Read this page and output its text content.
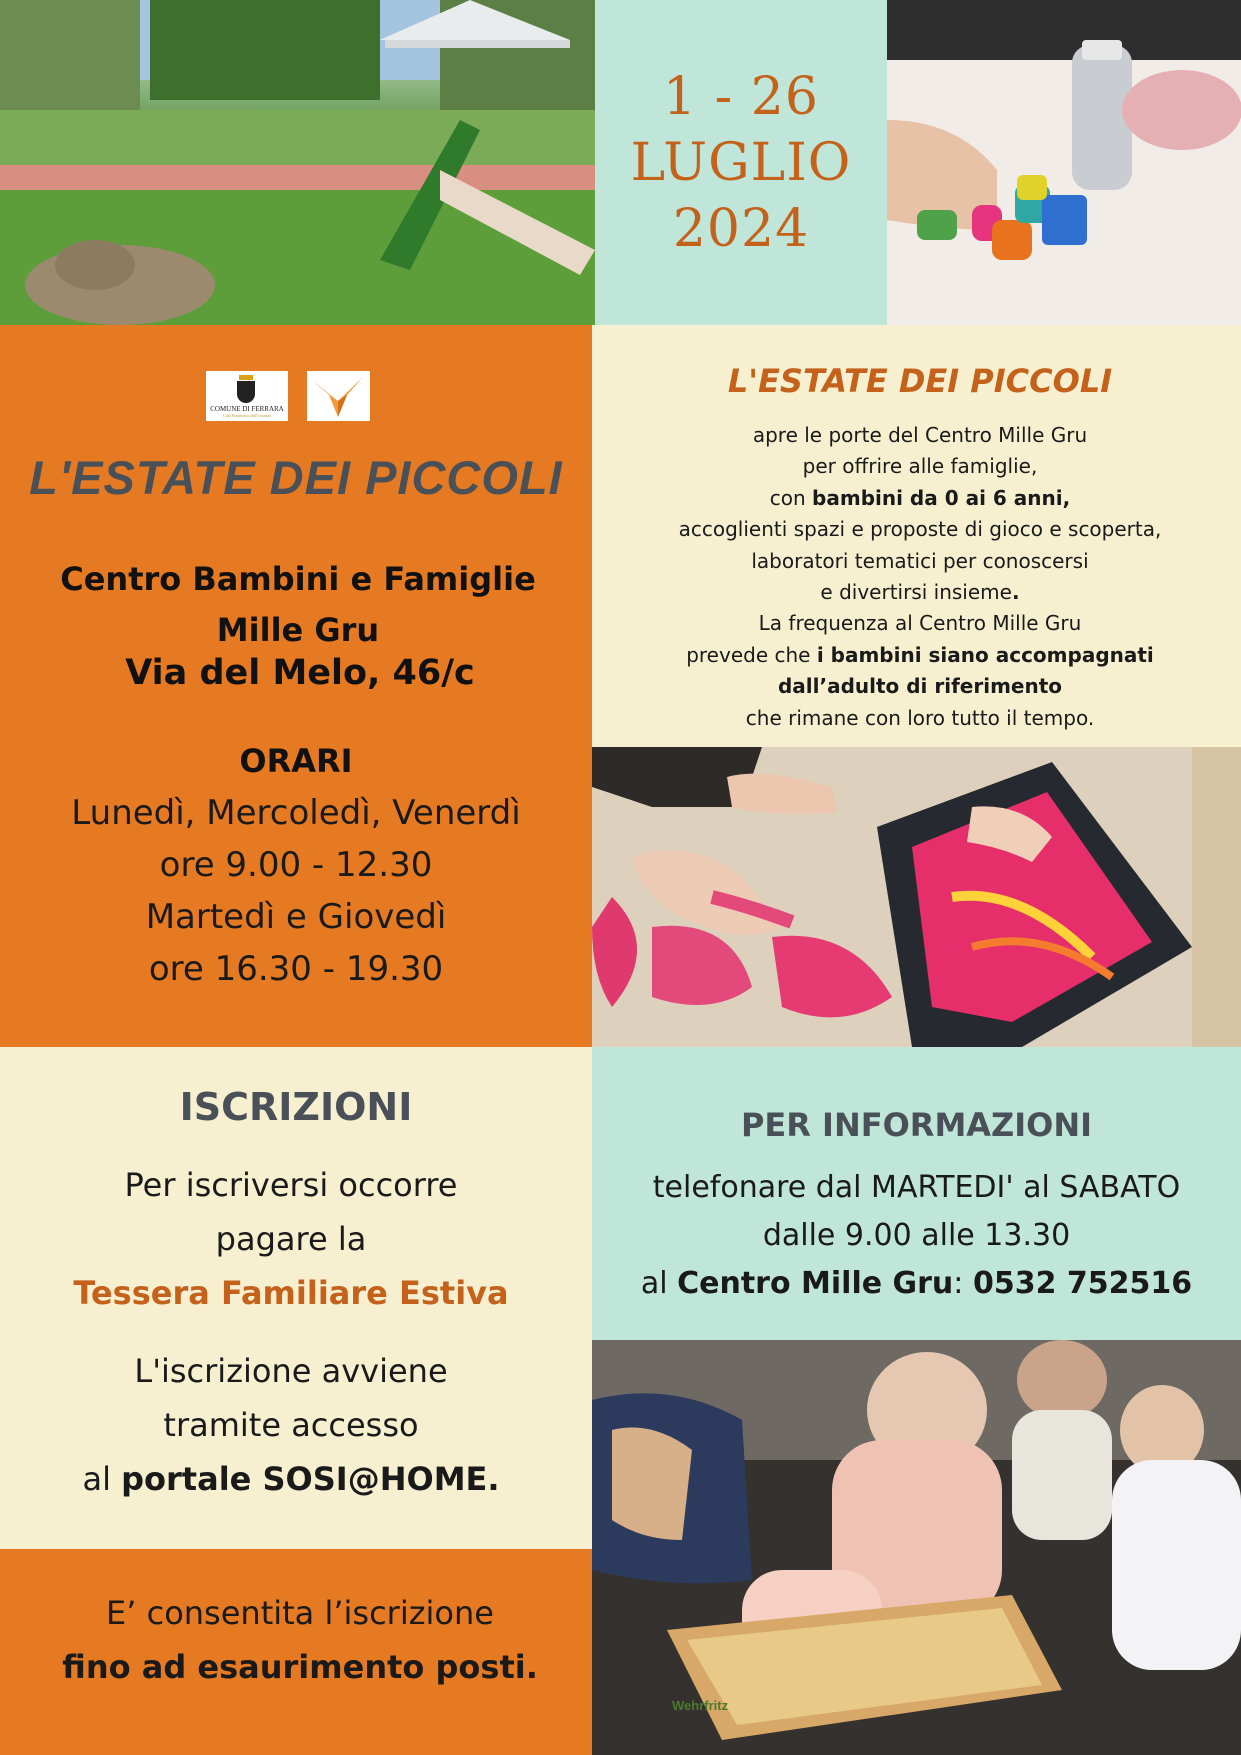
1 - 26
LUGLIO
2024
COMUNE DI FERRARA
Città Patrimonio dell'Umanità
L'ESTATE DEI PICCOLI
Centro Bambini e Famiglie
Mille Gru
Via del Melo, 46/c
ORARI
Lunedì, Mercoledì, Venerdì
ore 9.00 - 12.30
Martedì e Giovedì
ore 16.30 - 19.30
L'ESTATE DEI PICCOLI
apre le porte del Centro Mille Gru
per offrire alle famiglie,
con bambini da 0 ai 6 anni,
accoglienti spazi e proposte di gioco e scoperta,
laboratori tematici per conoscersi
e divertirsi insieme.
La frequenza al Centro Mille Gru
prevede che i bambini siano accompagnati
dall’adulto di riferimento
che rimane con loro tutto il tempo.
ISCRIZIONI
Per iscriversi occorre
pagare la
Tessera Familiare Estiva
L'iscrizione avviene
tramite accesso
al portale SOSI@HOME.
PER INFORMAZIONI
telefonare dal MARTEDI' al SABATO
dalle 9.00 alle 13.30
al Centro Mille Gru: 0532 752516
Wehrfritz
E’ consentita l’iscrizione
fino ad esaurimento posti.
